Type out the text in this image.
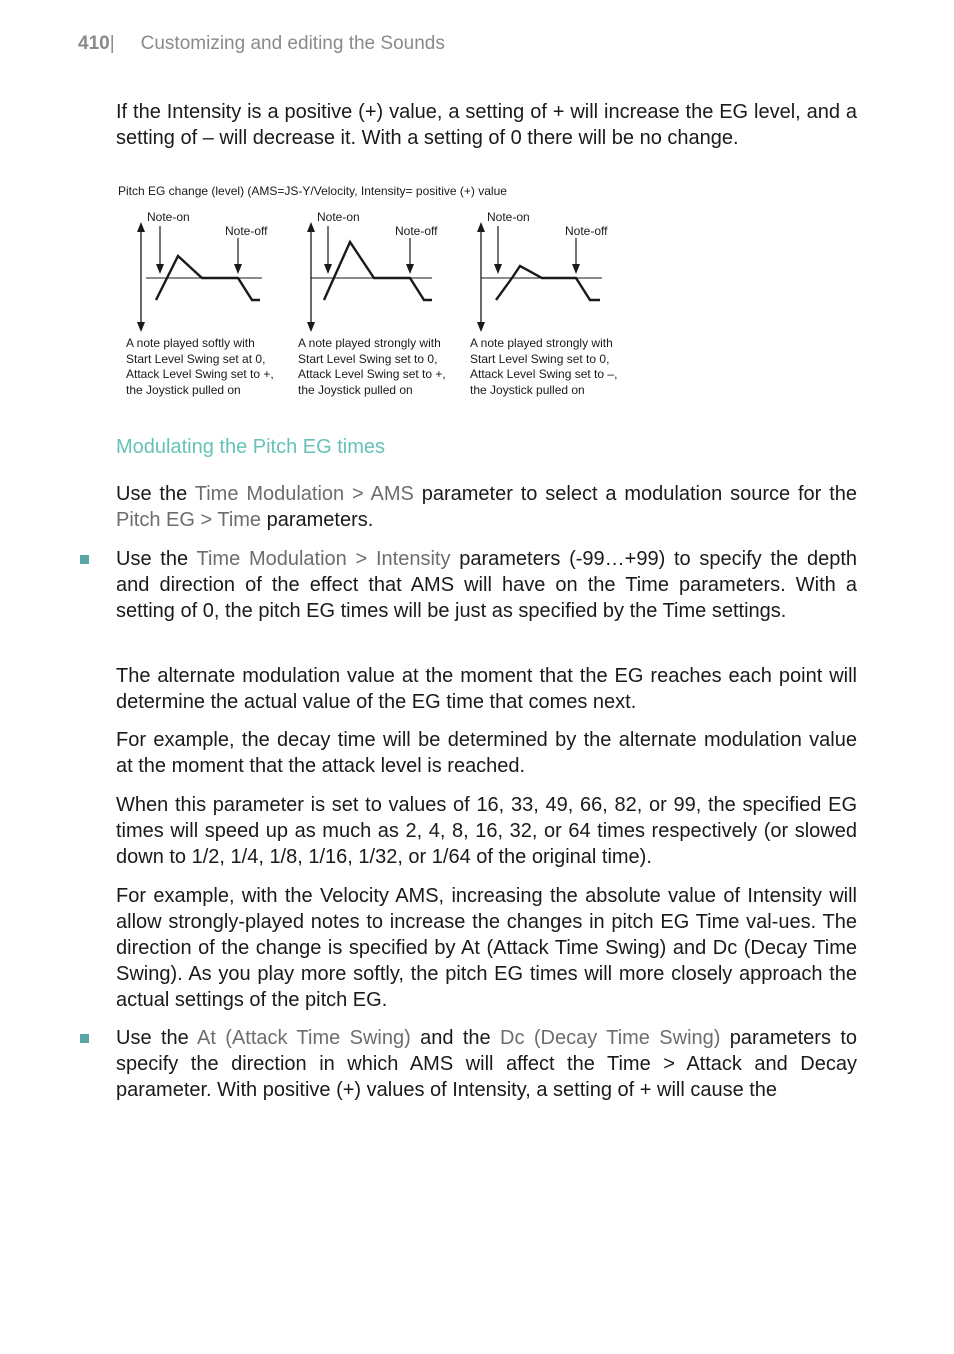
410| Customizing and editing the Sounds
If the Intensity is a positive (+) value, a setting of + will increase the EG level, and a setting of – will decrease it. With a setting of 0 there will be no change.
Pitch EG change (level) (AMS=JS-Y/Velocity, Intensity= positive (+) value
Note-on
Note-off
A note played softly with
Start Level Swing set at 0,
Attack Level Swing set to +,
the Joystick pulled on
Note-on
Note-off
A note played strongly with
Start Level Swing set to 0,
Attack Level Swing set to +,
the Joystick pulled on
Note-on
Note-off
A note played strongly with
Start Level Swing set to 0,
Attack Level Swing set to –,
the Joystick pulled on
Modulating the Pitch EG times
Use the Time Modulation > AMS parameter to select a modulation source for the Pitch EG > Time parameters.
Use the Time Modulation > Intensity parameters (-99…+99) to specify the depth and direction of the effect that AMS will have on the Time parameters. With a setting of 0, the pitch EG times will be just as specified by the Time settings.
The alternate modulation value at the moment that the EG reaches each point will determine the actual value of the EG time that comes next.
For example, the decay time will be determined by the alternate modulation value at the moment that the attack level is reached.
When this parameter is set to values of 16, 33, 49, 66, 82, or 99, the specified EG times will speed up as much as 2, 4, 8, 16, 32, or 64 times respectively (or slowed down to 1/2, 1/4, 1/8, 1/16, 1/32, or 1/64 of the original time).
For example, with the Velocity AMS, increasing the absolute value of Intensity will allow strongly-played notes to increase the changes in pitch EG Time val-ues. The direction of the change is specified by At (Attack Time Swing) and Dc (Decay Time Swing). As you play more softly, the pitch EG times will more closely approach the actual settings of the pitch EG.
Use the At (Attack Time Swing) and the Dc (Decay Time Swing) parameters to specify the direction in which AMS will affect the Time > Attack and Decay parameter. With positive (+) values of Intensity, a setting of + will cause the
